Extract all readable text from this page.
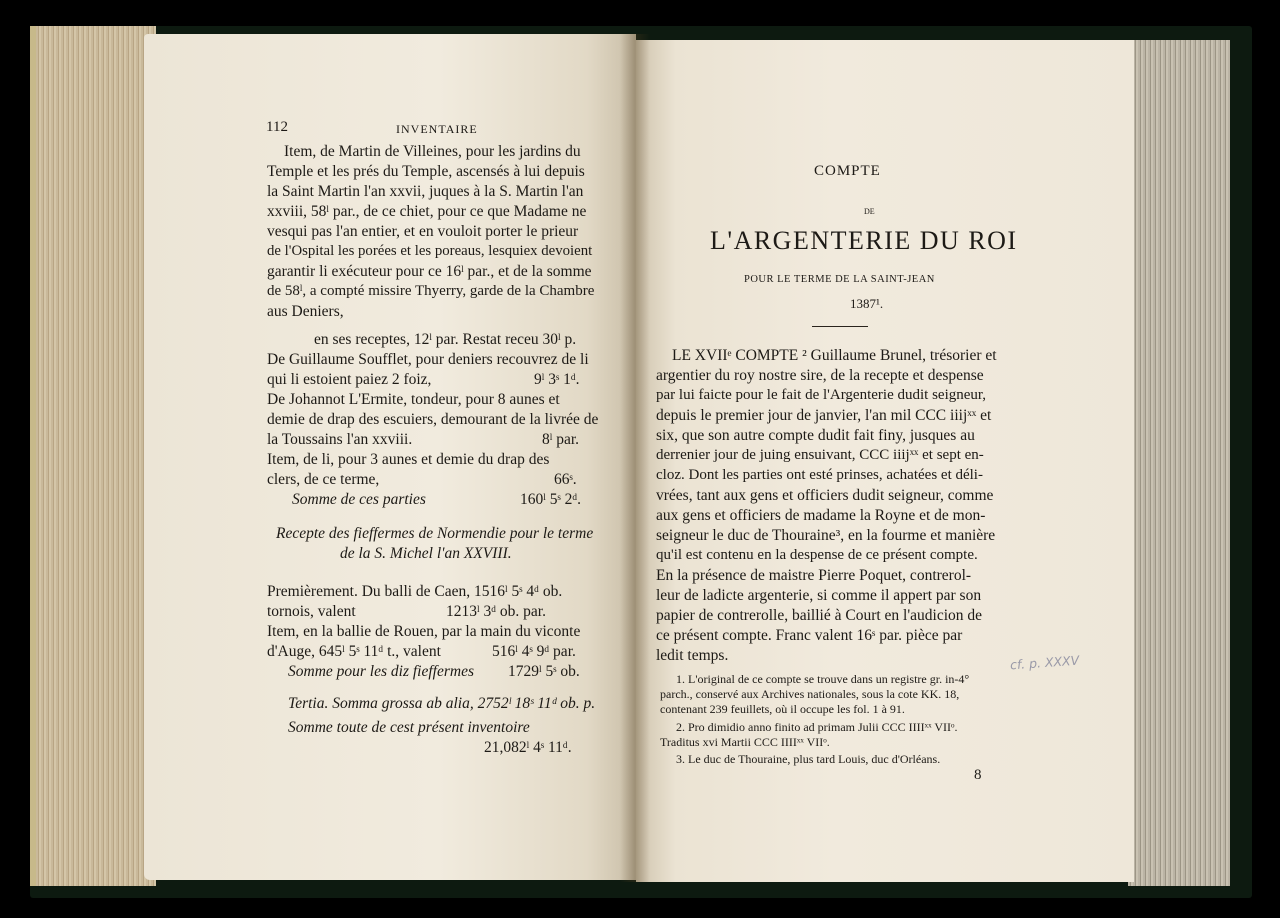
112	INVENTAIRE
Item, de Martin de Villeines, pour les jardins du
Temple et les prés du Temple, ascensés à lui depuis
la Saint Martin l'an xxvii, juques à la S. Martin l'an
xxviii, 58ˡ par., de ce chiet, pour ce que Madame ne
vesqui pas l'an entier, et en vouloit porter le prieur
de l'Ospital les porées et les poreaus, lesquiex devoient
garantir li exécuteur pour ce 16ˡ par., et de la somme
de 58ˡ, a compté missire Thyerry, garde de la Chambre
aus Deniers,
en ses receptes, 12ˡ par. Restat receu 30ˡ p.
De Guillaume Soufflet, pour deniers recouvrez de li
qui li estoient paiez 2 foiz,	9ˡ 3ˢ 1ᵈ.
De Johannot L'Ermite, tondeur, pour 8 aunes et
demie de drap des escuiers, demourant de la livrée de
la Toussains l'an xxviii.	8ˡ par.
Item, de li, pour 3 aunes et demie du drap des
clers, de ce terme,	66ˢ.
Somme de ces parties	160ˡ 5ˢ 2ᵈ.
Recepte des fieffermes de Normendie pour le terme
de la S. Michel l'an XXVIII.
Premièrement. Du balli de Caen, 1516ˡ 5ˢ 4ᵈ ob.
tornois, valent	1213ˡ 3ᵈ ob. par.
Item, en la ballie de Rouen, par la main du viconte
d'Auge, 645ˡ 5ˢ 11ᵈ t., valent	516ˡ 4ˢ 9ᵈ par.
Somme pour les diz fieffermes 1729ˡ 5ˢ ob.
Tertia. Somma grossa ab alia, 2752ˡ 18ˢ 11ᵈ ob. p.
Somme toute de cest présent inventoire
21,082ˡ 4ˢ 11ᵈ.
COMPTE
DE
L'ARGENTERIE DU ROI
POUR LE TERME DE LA SAINT-JEAN
1387¹.
LE XVIIᵉ COMPTE ² Guillaume Brunel, trésorier et
argentier du roy nostre sire, de la recepte et despense
par lui faicte pour le fait de l'Argenterie dudit seigneur,
depuis le premier jour de janvier, l'an mil CCC iiijˣˣ et
six, que son autre compte dudit fait finy, jusques au
derrenier jour de juing ensuivant, CCC iiijˣˣ et sept en-
cloz. Dont les parties ont esté prinses, achatées et déli-
vrées, tant aux gens et officiers dudit seigneur, comme
aux gens et officiers de madame la Royne et de mon-
seigneur le duc de Thouraine³, en la fourme et manière
qu'il est contenu en la despense de ce présent compte.
En la présence de maistre Pierre Poquet, contrerol-
leur de ladicte argenterie, si comme il appert par son
papier de contrerolle, baillié à Court en l'audicion de
ce présent compte. Franc valent 16ˢ par. pièce par
ledit temps.
1. L'original de ce compte se trouve dans un registre gr. in-4°
parch., conservé aux Archives nationales, sous la cote KK. 18,
contenant 239 feuillets, où il occupe les fol. 1 à 91.
2. Pro dimidio anno finito ad primam Julii CCC IIIIˣˣ VIIᵒ.
Traditus xvi Martii CCC IIIIˣˣ VIIᵒ.
3. Le duc de Thouraine, plus tard Louis, duc d'Orléans.
8
cf. p. XXXV
